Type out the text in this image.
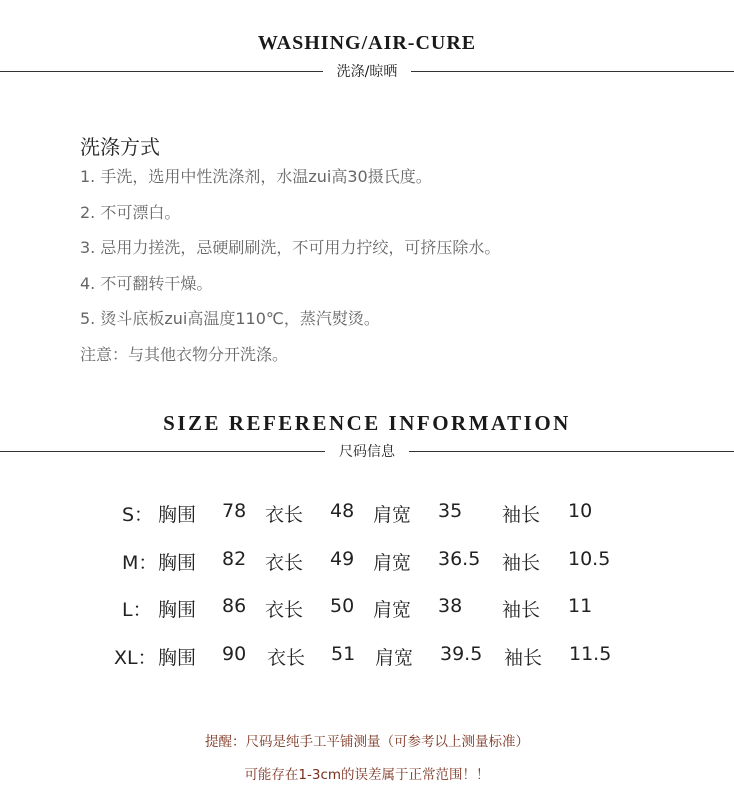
WASHING/AIR-CURE
洗涤/晾晒
洗涤方式
1. 手洗，选用中性洗涤剂，水温zui高30摄氏度。
2. 不可漂白。
3. 忌用力搓洗，忌硬刷刷洗，不可用力拧绞，可挤压除水。
4. 不可翻转干燥。
5. 烫斗底板zui高温度110℃，蒸汽熨烫。
注意：与其他衣物分开洗涤。
SIZE REFERENCE INFORMATION
尺码信息
S： 胸围 78 衣长 48 肩宽 35 袖长 10
M： 胸围 82 衣长 49 肩宽 36.5 袖长 10.5
L： 胸围 86 衣长 50 肩宽 38 袖长 11
XL： 胸围 90 衣长 51 肩宽 39.5 袖长 11.5
提醒：尺码是纯手工平铺测量（可参考以上测量标准）
可能存在1-3cm的误差属于正常范围！！
